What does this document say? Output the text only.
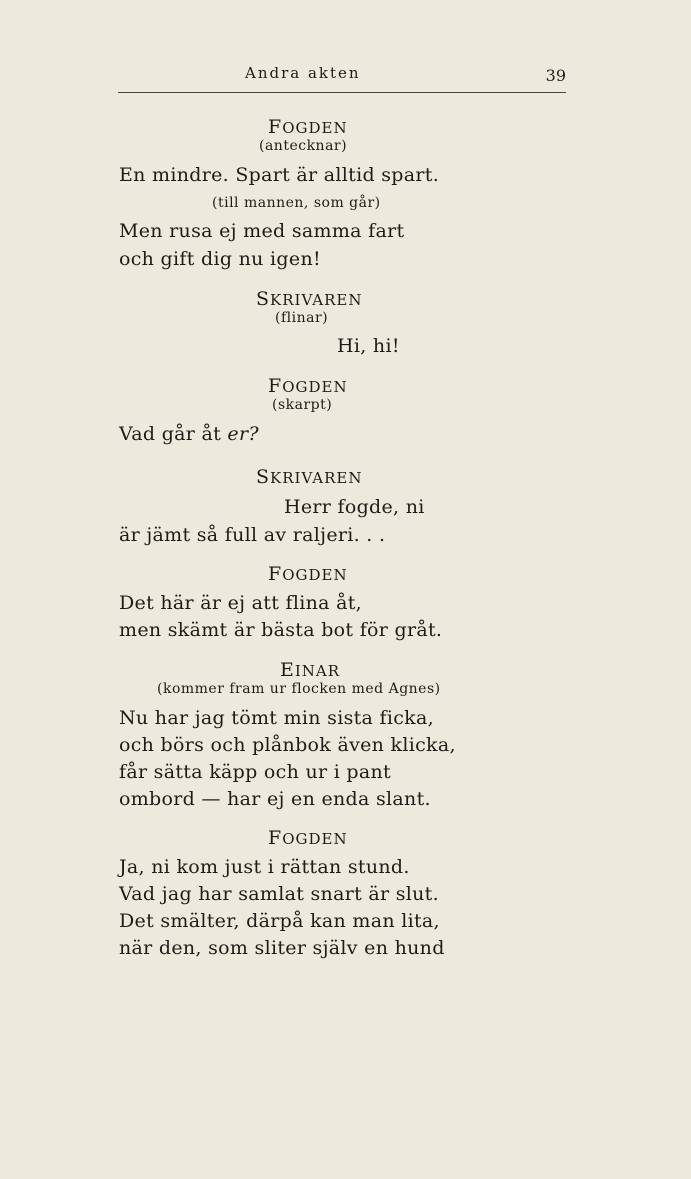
Andra akten	39
FOGDEN
(antecknar)
En mindre. Spart är alltid spart.
(till mannen, som går)
Men rusa ej med samma fart
och gift dig nu igen!
SKRIVAREN
(flinar)
Hi, hi!
FOGDEN
(skarpt)
Vad går åt er?
SKRIVAREN
Herr fogde, ni
är jämt så full av raljeri. . .
FOGDEN
Det här är ej att flina åt,
men skämt är bästa bot för gråt.
EINAR
(kommer fram ur flocken med Agnes)
Nu har jag tömt min sista ficka,
och börs och plånbok även klicka,
får sätta käpp och ur i pant
ombord — har ej en enda slant.
FOGDEN
Ja, ni kom just i rättan stund.
Vad jag har samlat snart är slut.
Det smälter, därpå kan man lita,
när den, som sliter själv en hund
